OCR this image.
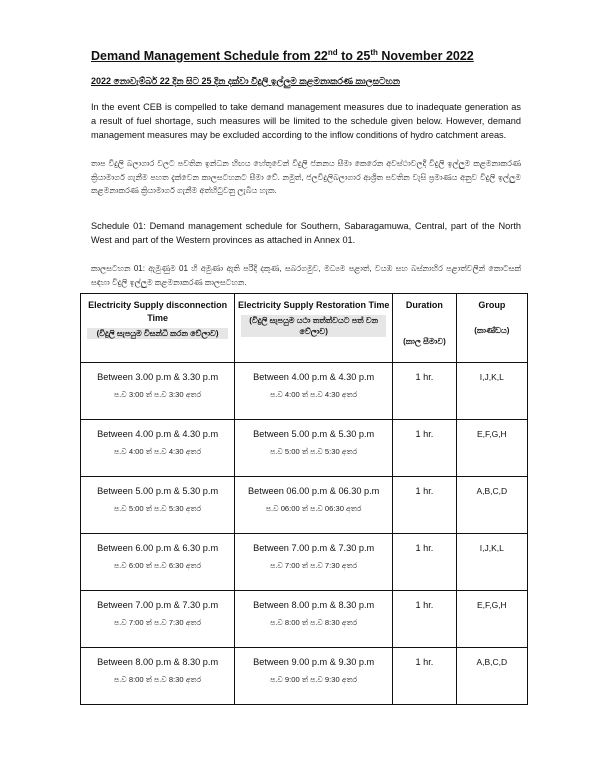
Demand Management Schedule from 22nd to 25th November 2022
2022 නොවැම්බර් 22 දින සිට 25 දින දක්වා විදුලි ඉල්ලුම කළමනාකරණ කාලසටහන
In the event CEB is compelled to take demand management measures due to inadequate generation as a result of fuel shortage, such measures will be limited to the schedule given below. However, demand management measures may be excluded according to the inflow conditions of hydro catchment areas.
තාප විදුලි බලාගාර වලට පවතින ඉන්ධන හිඟය හේතුවෙන් විදුලි ජනනය සීමා කෙරෙන අවස්ථාවලදී විදුලි ඉල්ලුම කළමනාකරණ ක්‍රියාමාර්ග ගැනීම පහත දැක්වෙන කාලසටහනට සීමා වේ. නමුත්, ජලවිදුලිබලාගාර ආශ්‍රිත පවතින වැසි ප්‍රමාණය අනුව විදුලි ඉල්ලුම කළමනාකරණ ක්‍රියාමාර්ග ගැනීම අත්හිටුවනු ලැබිය හැක.
Schedule 01: Demand management schedule for Southern, Sabaragamuwa, Central, part of the North West and part of the Western provinces as attached in Annex 01.
කාලසටහන 01: ඇමුණුම 01 හි අමුණා ඇති පරිදි දකුණ, සබරගමුව, මධ්‍යම පළාත්, වයඹ සහ බස්නාහිර පළාත්වලින් කොටසක් සඳහා විදුලි ඉල්ලුම කළමනාකරණ කාලසටහන.
Electricity Supply disconnection Time
(විදුලි සැපයුම විසන්ධි කරන වේලාව)	Electricity Supply Restoration Time
(විදුලි සැපයුම යථා තත්ත්වයට පත් වන වේලාව)	Duration
(කාල සීමාව)	Group
(කාණ්ඩය)

Between 3.00 p.m & 3.30 p.m
ප.ව 3:00 ත් ප.ව 3:30 අතර	Between 4.00 p.m & 4.30 p.m
ප.ව 4:00 ත් ප.ව 4:30 අතර	1 hr.	I,J,K,L

Between 4.00 p.m & 4.30 p.m
ප.ව 4:00 ත් ප.ව 4:30 අතර	Between 5.00 p.m & 5.30 p.m
ප.ව 5:00 ත් ප.ව 5:30 අතර	1 hr.	E,F,G,H

Between 5.00 p.m & 5.30 p.m
ප.ව 5:00 ත් ප.ව 5:30 අතර	Between 06.00 p.m & 06.30 p.m
ප.ව 06:00 ත් ප.ව 06:30 අතර	1 hr.	A,B,C,D

Between 6.00 p.m & 6.30 p.m
ප.ව 6:00 ත් ප.ව 6:30 අතර	Between 7.00 p.m & 7.30 p.m
ප.ව 7:00 ත් ප.ව 7:30 අතර	1 hr.	I,J,K,L

Between 7.00 p.m & 7.30 p.m
ප.ව 7:00 ත් ප.ව 7:30 අතර	Between 8.00 p.m & 8.30 p.m
ප.ව 8:00 ත් ප.ව 8:30 අතර	1 hr.	E,F,G,H

Between 8.00 p.m & 8.30 p.m
ප.ව 8:00 ත් ප.ව 8:30 අතර	Between 9.00 p.m & 9.30 p.m
ප.ව 9:00 ත් ප.ව 9:30 අතර	1 hr.	A,B,C,D
